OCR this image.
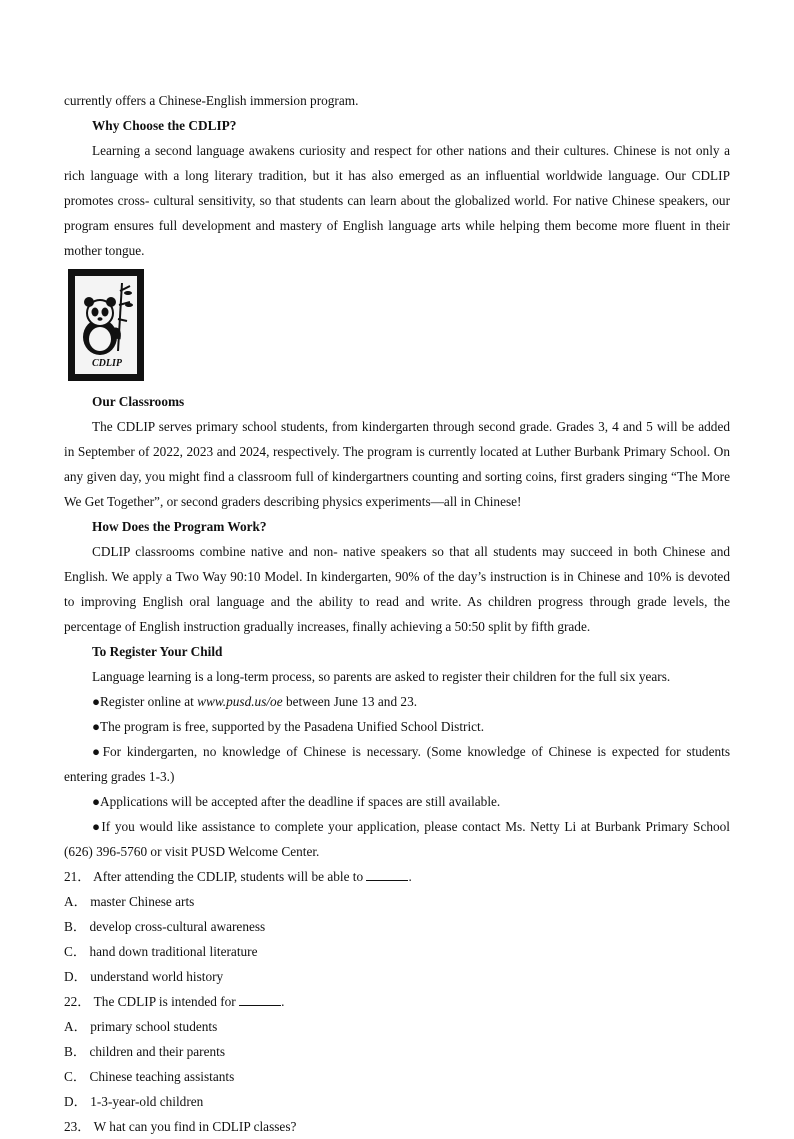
currently offers a Chinese-English immersion program.
Why Choose the CDLIP?
Learning a second language awakens curiosity and respect for other nations and their cultures. Chinese is not only a rich language with a long literary tradition, but it has also emerged as an influential worldwide language. Our CDLIP promotes cross- cultural sensitivity, so that students can learn about the globalized world. For native Chinese speakers, our program ensures full development and mastery of English language arts while helping them become more fluent in their mother tongue.
CDLIP
Our Classrooms
The CDLIP serves primary school students, from kindergarten through second grade. Grades 3, 4 and 5 will be added in September of 2022, 2023 and 2024, respectively. The program is currently located at Luther Burbank Primary School. On any given day, you might find a classroom full of kindergartners counting and sorting coins, first graders singing “The More We Get Together”, or second graders describing physics experiments—all in Chinese!
How Does the Program Work?
CDLIP classrooms combine native and non- native speakers so that all students may succeed in both Chinese and English. We apply a Two Way 90:10 Model. In kindergarten, 90% of the day’s instruction is in Chinese and 10% is devoted to improving English oral language and the ability to read and write. As children progress through grade levels, the percentage of English instruction gradually increases, finally achieving a 50:50 split by fifth grade.
To Register Your Child
Language learning is a long-term process, so parents are asked to register their children for the full six years.
●Register online at www.pusd.us/oe between June 13 and 23.
●The program is free, supported by the Pasadena Unified School District.
●For kindergarten, no knowledge of Chinese is necessary. (Some knowledge of Chinese is expected for students entering grades 1-3.)
●Applications will be accepted after the deadline if spaces are still available.
●If you would like assistance to complete your application, please contact Ms. Netty Li at Burbank Primary School (626) 396-5760 or visit PUSD Welcome Center.
21． After attending the CDLIP, students will be able to	.
A． master Chinese arts
B． develop cross-cultural awareness
C． hand down traditional literature
D． understand world history
22． The CDLIP is intended for	.
A． primary school students
B． children and their parents
C． Chinese teaching assistants
D． 1-3-year-old children
23． W hat can you find in CDLIP classes?
